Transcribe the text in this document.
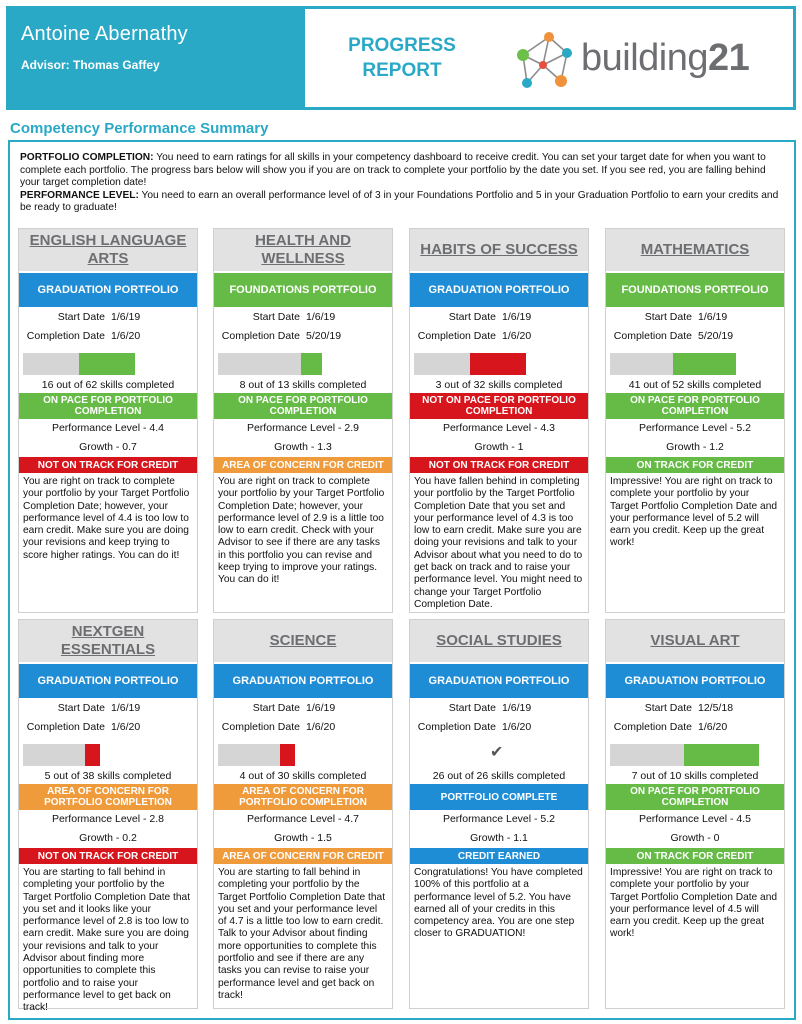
Antoine Abernathy
Advisor: Thomas Gaffey
PROGRESS
REPORT	building21
Competency Performance Summary
PORTFOLIO COMPLETION: You need to earn ratings for all skills in your competency dashboard to receive credit. You can set your target date for when you want to complete each portfolio. The progress bars below will show you if you are on track to complete your portfolio by the date you set. If you see red, you are falling behind your target completion date!
PERFORMANCE LEVEL: You need to earn an overall performance level of of 3 in your Foundations Portfolio and 5 in your Graduation Portfolio to earn your credits and be ready to graduate!
ENGLISH LANGUAGE ARTS
GRADUATION PORTFOLIO
Start Date 1/6/19
Completion Date 1/6/20
16 out of 62 skills completed
ON PACE FOR PORTFOLIO COMPLETION
Performance Level - 4.4
Growth - 0.7
NOT ON TRACK FOR CREDIT
You are right on track to complete your portfolio by your Target Portfolio Completion Date; however, your performance level of 4.4 is too low to earn credit. Make sure you are doing your revisions and keep trying to score higher ratings. You can do it!
HEALTH AND WELLNESS
FOUNDATIONS PORTFOLIO
Start Date 1/6/19
Completion Date 5/20/19
8 out of 13 skills completed
ON PACE FOR PORTFOLIO COMPLETION
Performance Level - 2.9
Growth - 1.3
AREA OF CONCERN FOR CREDIT
You are right on track to complete your portfolio by your Target Portfolio Completion Date; however, your performance level of 2.9 is a little too low to earn credit. Check with your Advisor to see if there are any tasks in this portfolio you can revise and keep trying to improve your ratings. You can do it!
HABITS OF SUCCESS
GRADUATION PORTFOLIO
Start Date 1/6/19
Completion Date 1/6/20
3 out of 32 skills completed
NOT ON PACE FOR PORTFOLIO COMPLETION
Performance Level - 4.3
Growth - 1
NOT ON TRACK FOR CREDIT
You have fallen behind in completing your portfolio by the Target Portfolio Completion Date that you set and your performance level of 4.3 is too low to earn credit. Make sure you are doing your revisions and talk to your Advisor about what you need to do to get back on track and to raise your performance level. You might need to change your Target Portfolio Completion Date.
MATHEMATICS
FOUNDATIONS PORTFOLIO
Start Date 1/6/19
Completion Date 5/20/19
41 out of 52 skills completed
ON PACE FOR PORTFOLIO COMPLETION
Performance Level - 5.2
Growth - 1.2
ON TRACK FOR CREDIT
Impressive! You are right on track to complete your portfolio by your Target Portfolio Completion Date and your performance level of 5.2 will earn you credit. Keep up the great work!
NEXTGEN ESSENTIALS
GRADUATION PORTFOLIO
Start Date 1/6/19
Completion Date 1/6/20
5 out of 38 skills completed
AREA OF CONCERN FOR PORTFOLIO COMPLETION
Performance Level - 2.8
Growth - 0.2
NOT ON TRACK FOR CREDIT
You are starting to fall behind in completing your portfolio by the Target Portfolio Completion Date that you set and it looks like your performance level of 2.8 is too low to earn credit. Make sure you are doing your revisions and talk to your Advisor about finding more opportunities to complete this portfolio and to raise your performance level to get back on track!
SCIENCE
GRADUATION PORTFOLIO
Start Date 1/6/19
Completion Date 1/6/20
4 out of 30 skills completed
AREA OF CONCERN FOR PORTFOLIO COMPLETION
Performance Level - 4.7
Growth - 1.5
AREA OF CONCERN FOR CREDIT
You are starting to fall behind in completing your portfolio by the Target Portfolio Completion Date that you set and your performance level of 4.7 is a little too low to earn credit. Talk to your Advisor about finding more opportunities to complete this portfolio and see if there are any tasks you can revise to raise your performance level and get back on track!
SOCIAL STUDIES
GRADUATION PORTFOLIO
Start Date 1/6/19
Completion Date 1/6/20
✔
26 out of 26 skills completed
PORTFOLIO COMPLETE
Performance Level - 5.2
Growth - 1.1
CREDIT EARNED
Congratulations! You have completed 100% of this portfolio at a performance level of 5.2. You have earned all of your credits in this competency area. You are one step closer to GRADUATION!
VISUAL ART
GRADUATION PORTFOLIO
Start Date 12/5/18
Completion Date 1/6/20
7 out of 10 skills completed
ON PACE FOR PORTFOLIO COMPLETION
Performance Level - 4.5
Growth - 0
ON TRACK FOR CREDIT
Impressive! You are right on track to complete your portfolio by your Target Portfolio Completion Date and your performance level of 4.5 will earn you credit. Keep up the great work!
